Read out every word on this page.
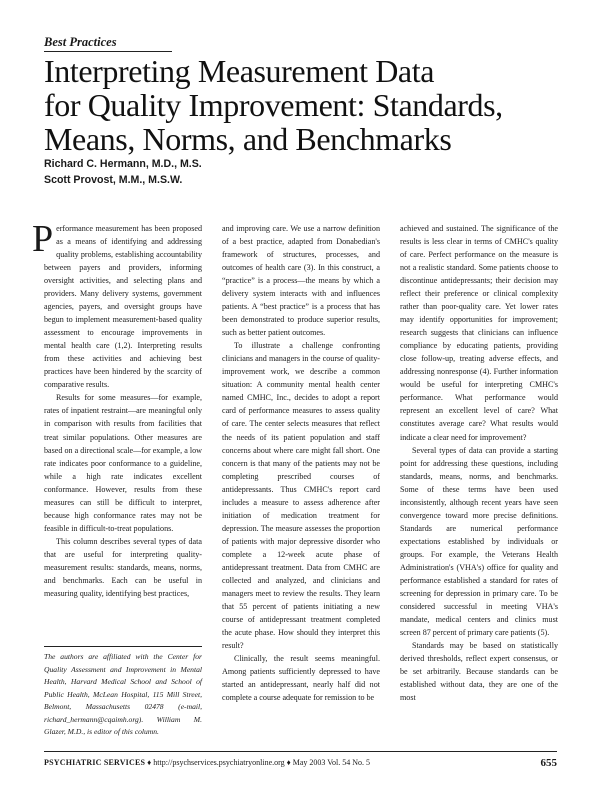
Best Practices
Interpreting Measurement Data
for Quality Improvement: Standards,
Means, Norms, and Benchmarks
Richard C. Hermann, M.D., M.S.
Scott Provost, M.M., M.S.W.

Performance measurement has been proposed as a means of identifying and addressing quality problems, establishing accountability between payers and providers, informing oversight activities, and selecting plans and providers. Many delivery systems, government agencies, payers, and oversight groups have begun to implement measurement-based quality assessment to encourage improvements in mental health care (1,2). Interpreting results from these activities and achieving best practices have been hindered by the scarcity of comparative results.

Results for some measures—for example, rates of inpatient restraint—are meaningful only in comparison with results from facilities that treat similar populations. Other measures are based on a directional scale—for example, a low rate indicates poor conformance to a guideline, while a high rate indicates excellent conformance. However, results from these measures can still be difficult to interpret, because high conformance rates may not be feasible in difficult-to-treat populations.

This column describes several types of data that are useful for interpreting quality-measurement results: standards, means, norms, and benchmarks. Each can be useful in measuring quality, identifying best practices,

and improving care. We use a narrow definition of a best practice, adapted from Donabedian's framework of structures, processes, and outcomes of health care (3). In this construct, a “practice” is a process—the means by which a delivery system interacts with and influences patients. A “best practice” is a process that has been demonstrated to produce superior results, such as better patient outcomes.

To illustrate a challenge confronting clinicians and managers in the course of quality-improvement work, we describe a common situation: A community mental health center named CMHC, Inc., decides to adopt a report card of performance measures to assess quality of care. The center selects measures that reflect the needs of its patient population and staff concerns about where care might fall short. One concern is that many of the patients may not be completing prescribed courses of antidepressants. Thus CMHC's report card includes a measure to assess adherence after initiation of medication treatment for depression. The measure assesses the proportion of patients with major depressive disorder who complete a 12-week acute phase of antidepressant treatment. Data from CMHC are collected and analyzed, and clinicians and managers meet to review the results. They learn that 55 percent of patients initiating a new course of antidepressant treatment completed the acute phase. How should they interpret this result?

Clinically, the result seems meaningful. Among patients sufficiently depressed to have started an antidepressant, nearly half did not complete a course adequate for remission to be

achieved and sustained. The significance of the results is less clear in terms of CMHC's quality of care. Perfect performance on the measure is not a realistic standard. Some patients choose to discontinue antidepressants; their decision may reflect their preference or clinical complexity rather than poor-quality care. Yet lower rates may identify opportunities for improvement; research suggests that clinicians can influence compliance by educating patients, providing close follow-up, treating adverse effects, and addressing nonresponse (4). Further information would be useful for interpreting CMHC's performance. What performance would represent an excellent level of care? What constitutes average care? What results would indicate a clear need for improvement?

Several types of data can provide a starting point for addressing these questions, including standards, means, norms, and benchmarks. Some of these terms have been used inconsistently, although recent years have seen convergence toward more precise definitions. Standards are numerical performance expectations established by individuals or groups. For example, the Veterans Health Administration's (VHA's) office for quality and performance established a standard for rates of screening for depression in primary care. To be considered successful in meeting VHA's mandate, medical centers and clinics must screen 87 percent of primary care patients (5).

Standards may be based on statistically derived thresholds, reflect expert consensus, or be set arbitrarily. Because standards can be established without data, they are one of the most

The authors are affiliated with the Center for Quality Assessment and Improvement in Mental Health, Harvard Medical School and School of Public Health, McLean Hospital, 115 Mill Street, Belmont, Massachusetts 02478 (e-mail, richard_hermann@cqaimh.org). William M. Glazer, M.D., is editor of this column.

PSYCHIATRIC SERVICES ♦ http://psychservices.psychiatryonline.org ♦ May 2003 Vol. 54 No. 5	655
